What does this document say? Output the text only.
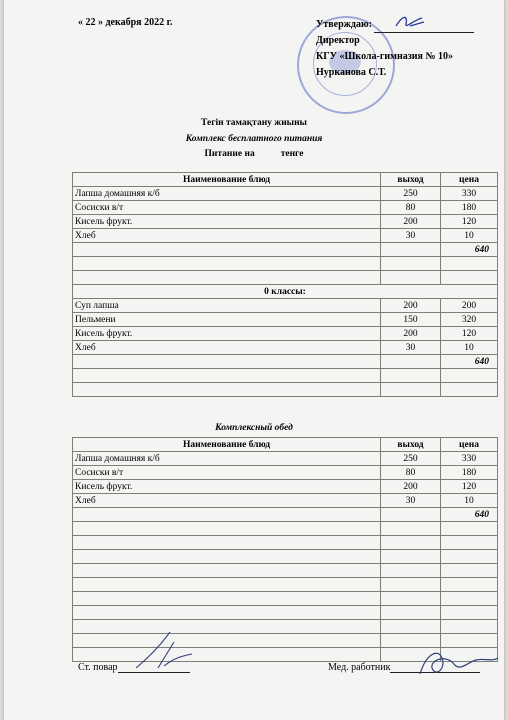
« 22 » декабря 2022 г.	Утверждаю:
Директор
КГУ «Школа-гимназия № 10»
Нурканова С.Т.
Тегін тамақтану жиыны
Комплекс бесплатного питания
Питание на	тенге
Наименование блюд	выход	цена
Лапша домашняя к/б	250	330
Сосиски в/т	80	180
Кисель фрукт.	200	120
Хлеб	30	10
		640

0 классы:		
Суп лапша	200	200
Пельмени	150	320
Кисель фрукт.	200	120
Хлеб	30	10
		640

Комплексный обед
Наименование блюд	выход	цена
Лапша домашняя к/б	250	330
Сосиски в/т	80	180
Кисель фрукт.	200	120
Хлеб	30	10
		640

Ст. повар	Мед. работник
